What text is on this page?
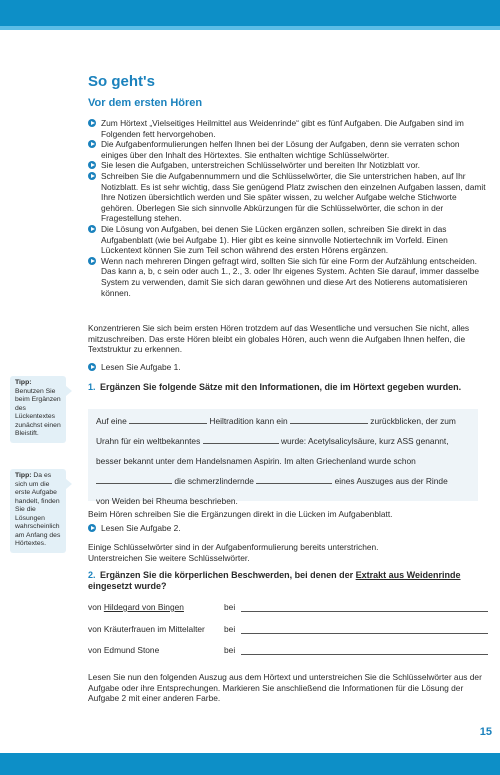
So geht's
Vor dem ersten Hören
Zum Hörtext „Vielseitiges Heilmittel aus Weidenrinde“ gibt es fünf Aufgaben. Die Aufgaben sind im Folgenden fett hervorgehoben.
Die Aufgabenformulierungen helfen Ihnen bei der Lösung der Aufgaben, denn sie verraten schon einiges über den Inhalt des Hörtextes. Sie enthalten wichtige Schlüsselwörter.
Sie lesen die Aufgaben, unterstreichen Schlüsselwörter und bereiten Ihr Notizblatt vor.
Schreiben Sie die Aufgabennummern und die Schlüsselwörter, die Sie unterstrichen haben, auf Ihr Notizblatt. Es ist sehr wichtig, dass Sie genügend Platz zwischen den einzelnen Aufgaben lassen, damit Ihre Notizen übersichtlich werden und Sie später wissen, zu welcher Aufgabe welche Stichworte gehören. Überlegen Sie sich sinnvolle Abkürzungen für die Schlüsselwörter, die schon in der Fragestellung stehen.
Die Lösung von Aufgaben, bei denen Sie Lücken ergänzen sollen, schreiben Sie direkt in das Aufgabenblatt (wie bei Aufgabe 1). Hier gibt es keine sinnvolle Notiertechnik im Vorfeld. Einen Lückentext können Sie zum Teil schon während des ersten Hörens ergänzen.
Wenn nach mehreren Dingen gefragt wird, sollten Sie sich für eine Form der Aufzählung entscheiden. Das kann a, b, c sein oder auch 1., 2., 3. oder Ihr eigenes System. Achten Sie darauf, immer dasselbe System zu verwenden, damit Sie sich daran gewöhnen und diese Art des Notierens automatisieren können.
Konzentrieren Sie sich beim ersten Hören trotzdem auf das Wesentliche und versuchen Sie nicht, alles mitzuschreiben. Das erste Hören bleibt ein globales Hören, auch wenn die Aufgaben Ihnen helfen, die Textstruktur zu erkennen.
Lesen Sie Aufgabe 1.
1. Ergänzen Sie folgende Sätze mit den Informationen, die im Hörtext gegeben wurden.
Auf eine	Heiltradition kann ein	zurückblicken, der zum
Urahn für ein weltbekanntes	wurde: Acetylsalicylsäure, kurz ASS genannt,
besser bekannt unter dem Handelsnamen Aspirin. Im alten Griechenland wurde schon
die schmerzlindernde	eines Auszuges aus der Rinde
von Weiden bei Rheuma beschrieben.
Beim Hören schreiben Sie die Ergänzungen direkt in die Lücken im Aufgabenblatt.
Lesen Sie Aufgabe 2.
Einige Schlüsselwörter sind in der Aufgabenformulierung bereits unterstrichen.
Unterstreichen Sie weitere Schlüsselwörter.
2. Ergänzen Sie die körperlichen Beschwerden, bei denen der Extrakt aus Weidenrinde eingesetzt wurde?
von Hildegard von Bingen	bei
von Kräuterfrauen im Mittelalter bei
von Edmund Stone	bei
Lesen Sie nun den folgenden Auszug aus dem Hörtext und unterstreichen Sie die Schlüsselwörter aus der Aufgabe oder ihre Entsprechungen. Markieren Sie anschließend die Informationen für die Lösung der Aufgabe 2 mit einer anderen Farbe.
Tipp: Benutzen Sie beim Ergänzen des Lückentextes zunächst einen Bleistift.
Tipp: Da es sich um die erste Aufgabe handelt, finden Sie die Lösungen wahrscheinlich am Anfang des Hörtextes.
15
